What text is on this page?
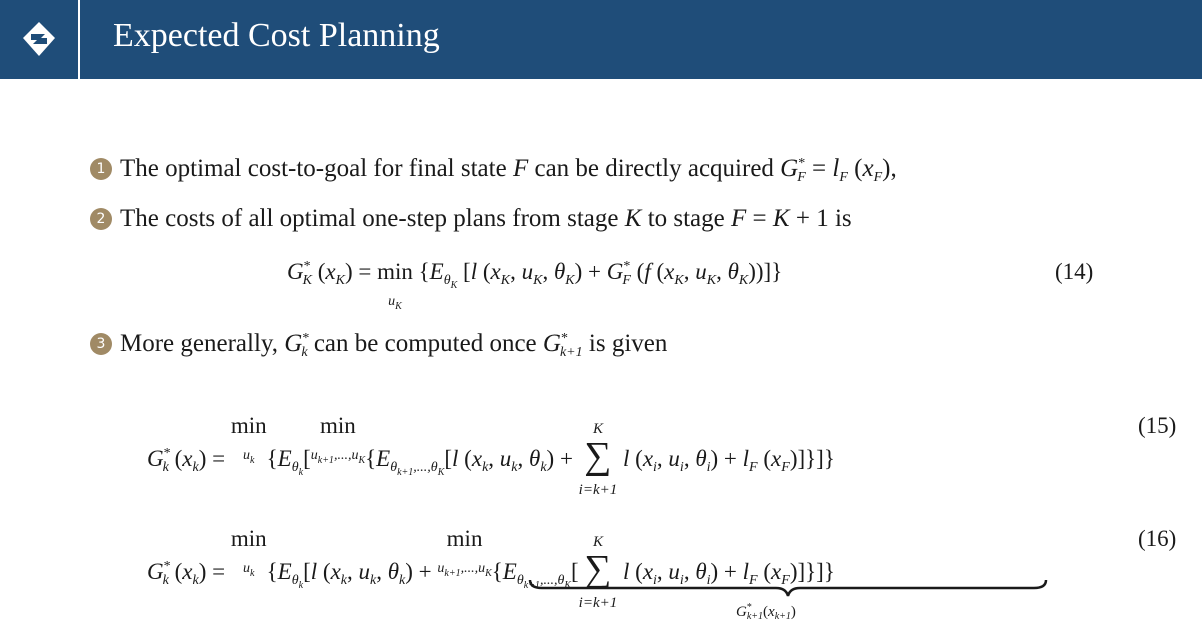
Expected Cost Planning
1 The optimal cost-to-goal for final state F can be directly acquired $G^*_F = l_F$ $(x_F)$,
2 The costs of all optimal one-step plans from stage K to stage F = K + 1 is
$G^*_K$ $(x_K) = \min$
$u_K$ {$E_{\theta_K}$ [l ($x_K$, $u_K$, $\theta_K) + G^*_F$ (f ($x_K$, $u_K$, $\theta_K$))]}	(14)
3 More generally, $G^*_k$ can be computed once $G^*_{k+1}$ is given
$G^*_k$ $(x_k) = \min$
$u_k$ {$E_{\theta_k}[\min$
$u_{k+1},...,u_K\{E_{\theta_{k+1},...,\theta_K}[l$ ($x_k$, $u_k$, $\theta_k) + K$
∑
i=k+1 l ($x_i$, $u_i$, $\theta_i) + l_F$ $(x_F)$]}]}
(15)
$G^*_k$ $(x_k) = \min$
$u_k$ {$E_{\theta_k}[l$ ($x_k$, $u_k$, $\theta_k) + \min$
$u_{k+1},...,u_K\{E_{\theta_{k+1},...,\theta_K}[K$
∑
i=k+1 l ($x_i$, $u_i$, $\theta_i) + l_F$ $(x_F)$]}]}
(16)
$G^*_{k+1}(x_{k+1})$
